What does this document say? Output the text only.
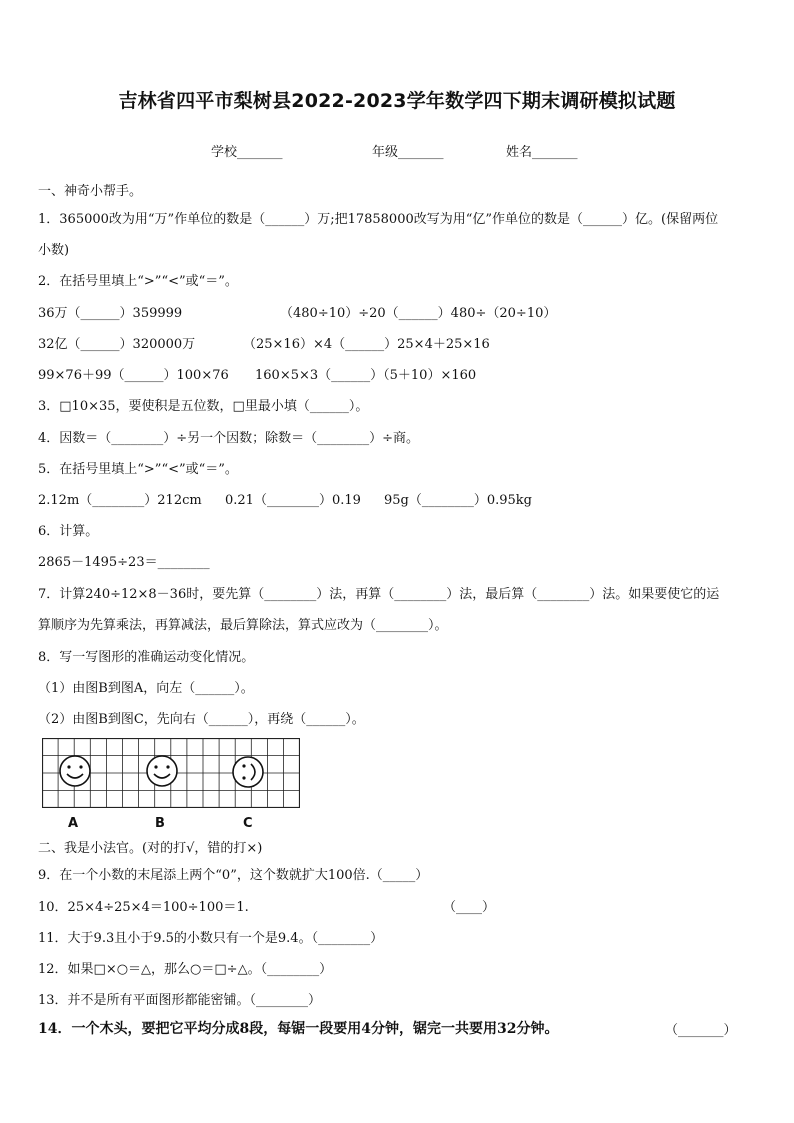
吉林省四平市梨树县2022-2023学年数学四下期末调研模拟试题
学校_______	年级_______	姓名_______
一、神奇小帮手。
1．365000改为用“万”作单位的数是（______）万;把17858000改写为用“亿”作单位的数是（______）亿。(保留两位
小数)
2．在括号里填上“>”“<”或“＝”。
36万（______）359999	（480÷10）÷20（______）480÷（20÷10）
32亿（______）320000万	（25×16）×4（______）25×4＋25×16
99×76＋99（______）100×76 160×5×3（______）（5＋10）×160
3．□10×35，要使积是五位数，□里最小填（______）。
4．因数＝（________）÷另一个因数；除数＝（________）÷商。
5．在括号里填上“>”“<”或“＝”。
2.12m（________）212cm 0.21（________）0.19 95g（________）0.95kg
6．计算。
2865－1495÷23＝________
7．计算240÷12×8－36时，要先算（________）法，再算（________）法，最后算（________）法。如果要使它的运
算顺序为先算乘法，再算减法，最后算除法，算式应改为（________）。
8．写一写图形的准确运动变化情况。
（1）由图B到图A，向左（______）。
（2）由图B到图C，先向右（______），再绕（______）。
A	B	C
二、我是小法官。(对的打√，错的打×)
9．在一个小数的末尾添上两个“0”，这个数就扩大100倍.（_____）
10．25×4÷25×4＝100÷100＝1.	（____）
11．大于9.3且小于9.5的小数只有一个是9.4。（________）
12．如果□×○＝△，那么○＝□÷△。（________）
13．并不是所有平面图形都能密铺。（________）
14．一个木头，要把它平均分成8段，每锯一段要用4分钟，锯完一共要用32分钟。	（_______）
